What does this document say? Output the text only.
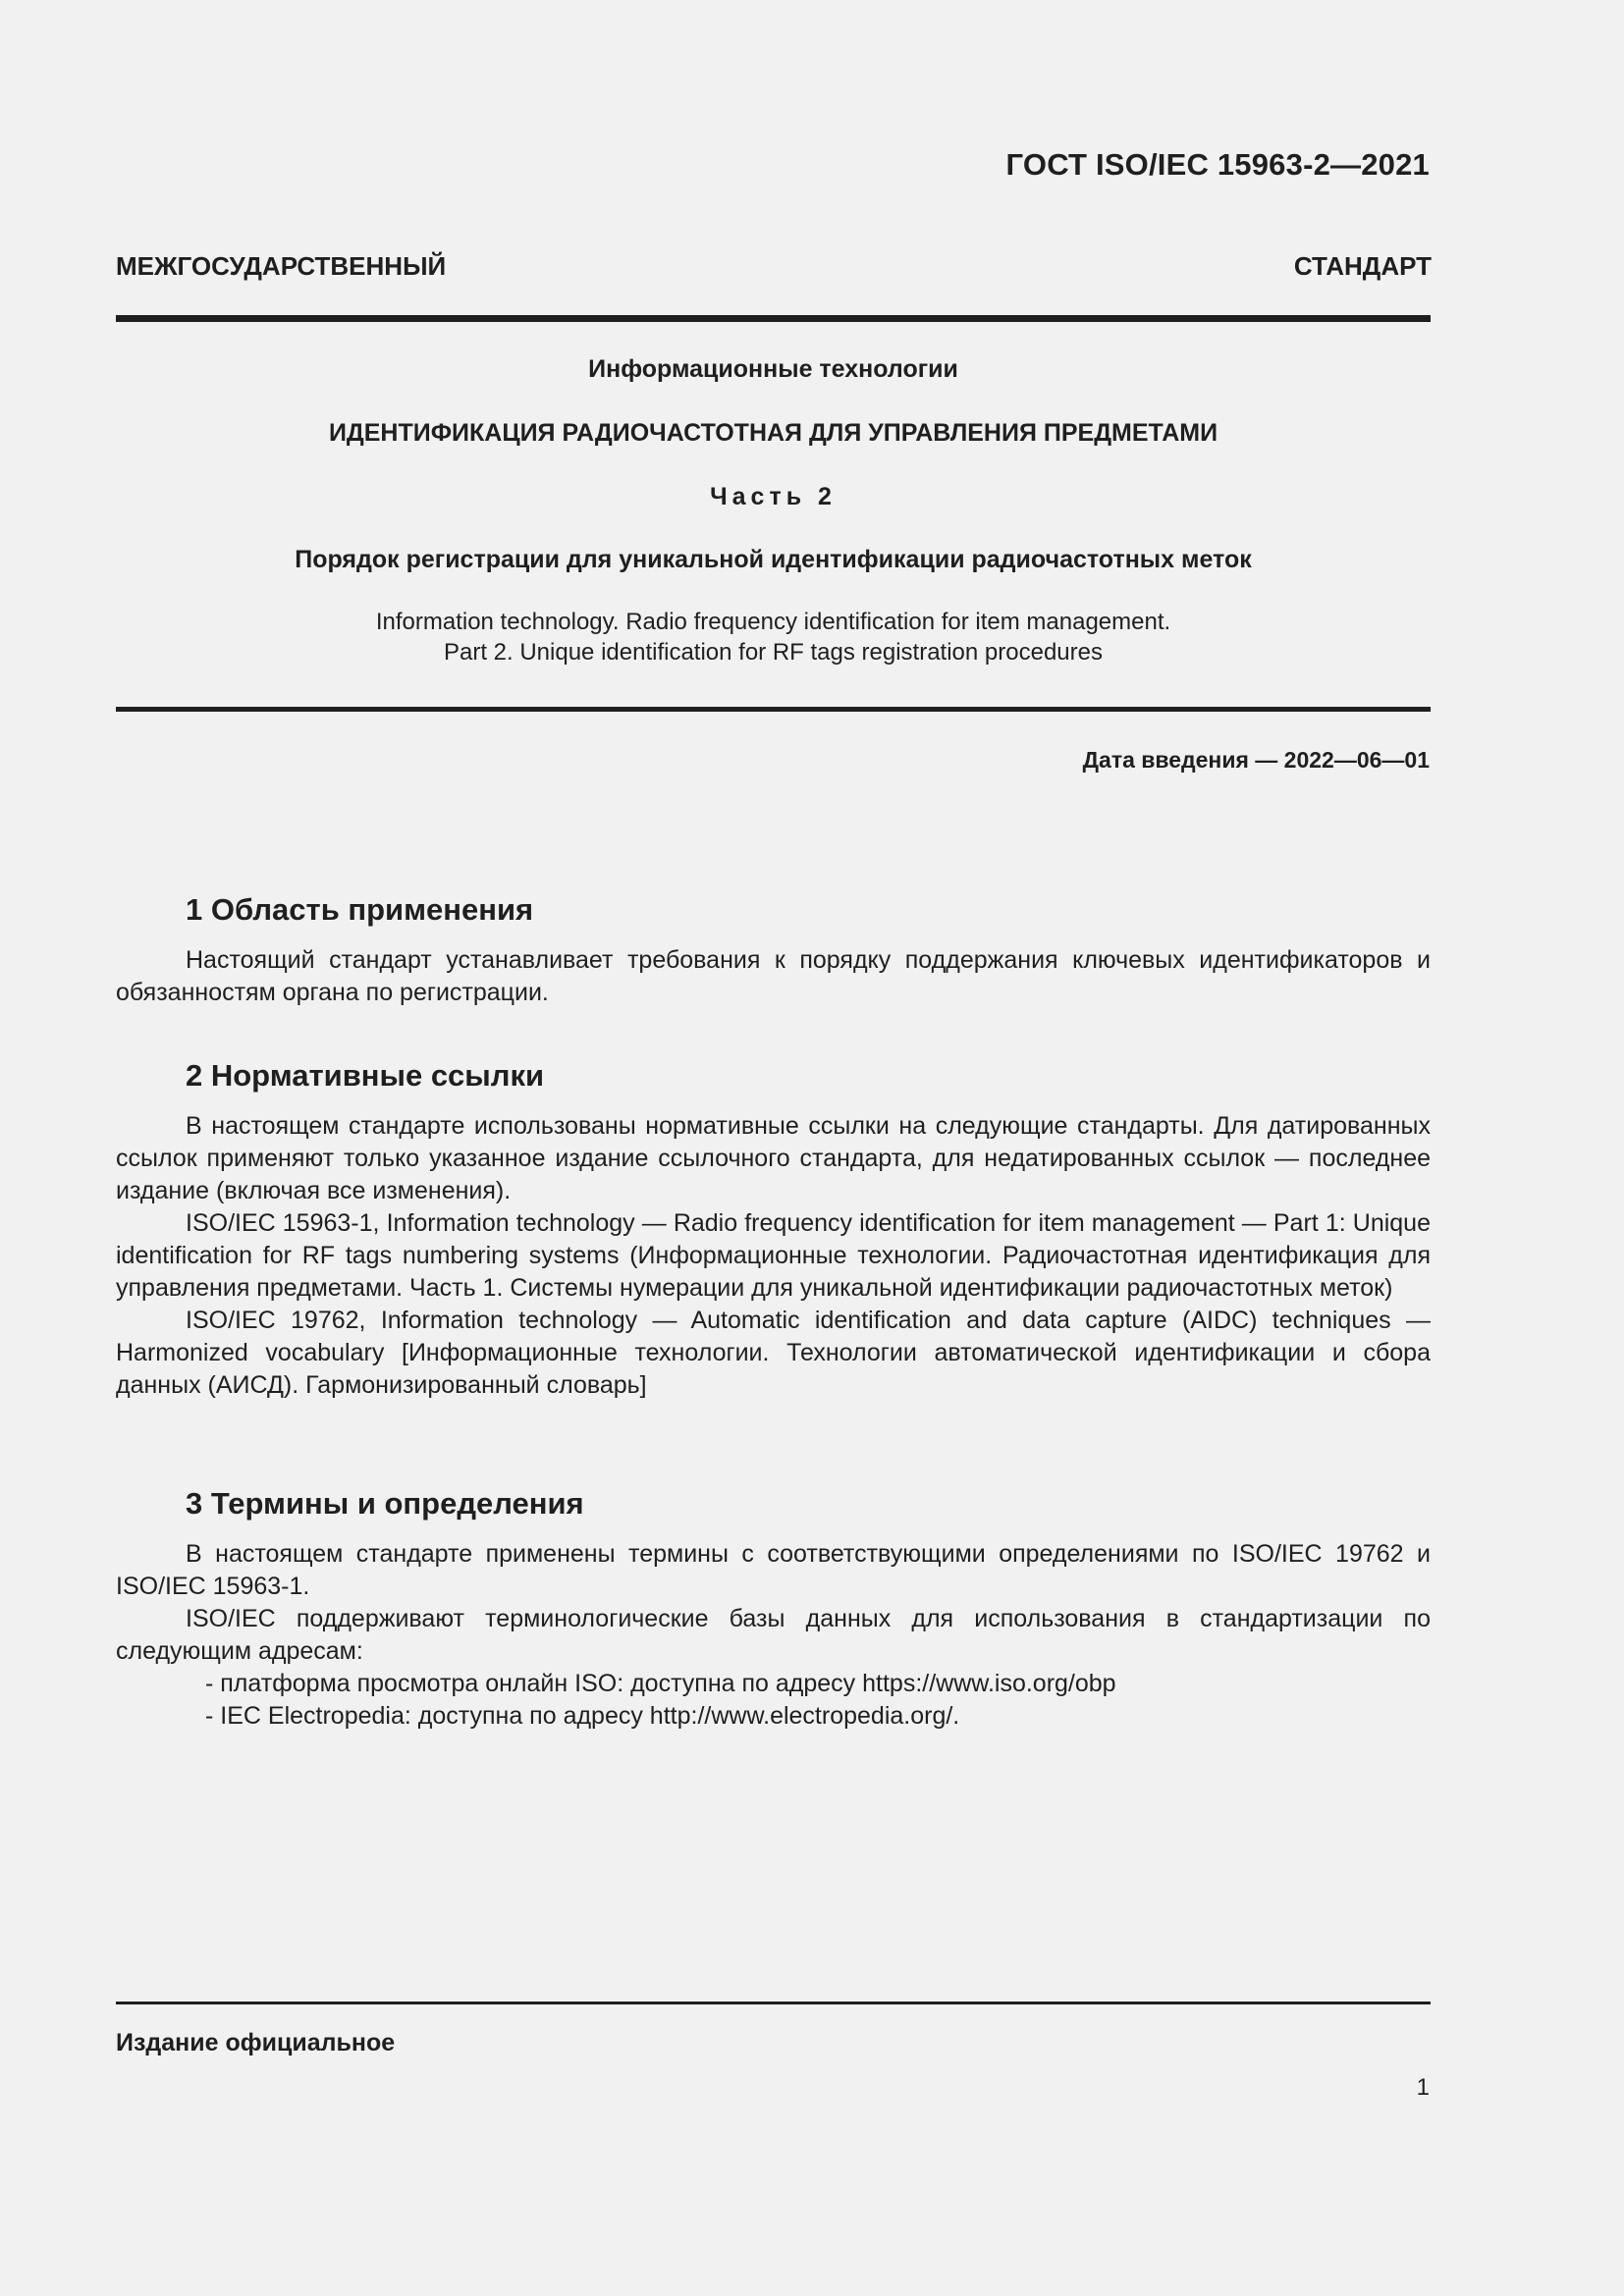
ГОСТ ISO/IEC 15963-2—2021

МЕЖГОСУДАРСТВЕННЫЙ СТАНДАРТ

Информационные технологии

ИДЕНТИФИКАЦИЯ РАДИОЧАСТОТНАЯ ДЛЯ УПРАВЛЕНИЯ ПРЕДМЕТАМИ

Часть 2

Порядок регистрации для уникальной идентификации радиочастотных меток

Information technology. Radio frequency identification for item management.
Part 2. Unique identification for RF tags registration procedures

Дата введения — 2022—06—01

1 Область применения

Настоящий стандарт устанавливает требования к порядку поддержания ключевых идентификаторов и обязанностям органа по регистрации.

2 Нормативные ссылки

В настоящем стандарте использованы нормативные ссылки на следующие стандарты. Для датированных ссылок применяют только указанное издание ссылочного стандарта, для недатированных ссылок — последнее издание (включая все изменения).

ISO/IEC 15963-1, Information technology — Radio frequency identification for item management — Part 1: Unique identification for RF tags numbering systems (Информационные технологии. Радиочастотная идентификация для управления предметами. Часть 1. Системы нумерации для уникальной идентификации радиочастотных меток)

ISO/IEC 19762, Information technology — Automatic identification and data capture (AIDC) techniques — Harmonized vocabulary [Информационные технологии. Технологии автоматической идентификации и сбора данных (АИСД). Гармонизированный словарь]

3 Термины и определения

В настоящем стандарте применены термины с соответствующими определениями по ISO/IEC 19762 и ISO/IEC 15963-1.

ISO/IEC поддерживают терминологические базы данных для использования в стандартизации по следующим адресам:

- платформа просмотра онлайн ISO: доступна по адресу https://www.iso.org/obp

- IEC Electropedia: доступна по адресу http://www.electropedia.org/.

Издание официальное

1
